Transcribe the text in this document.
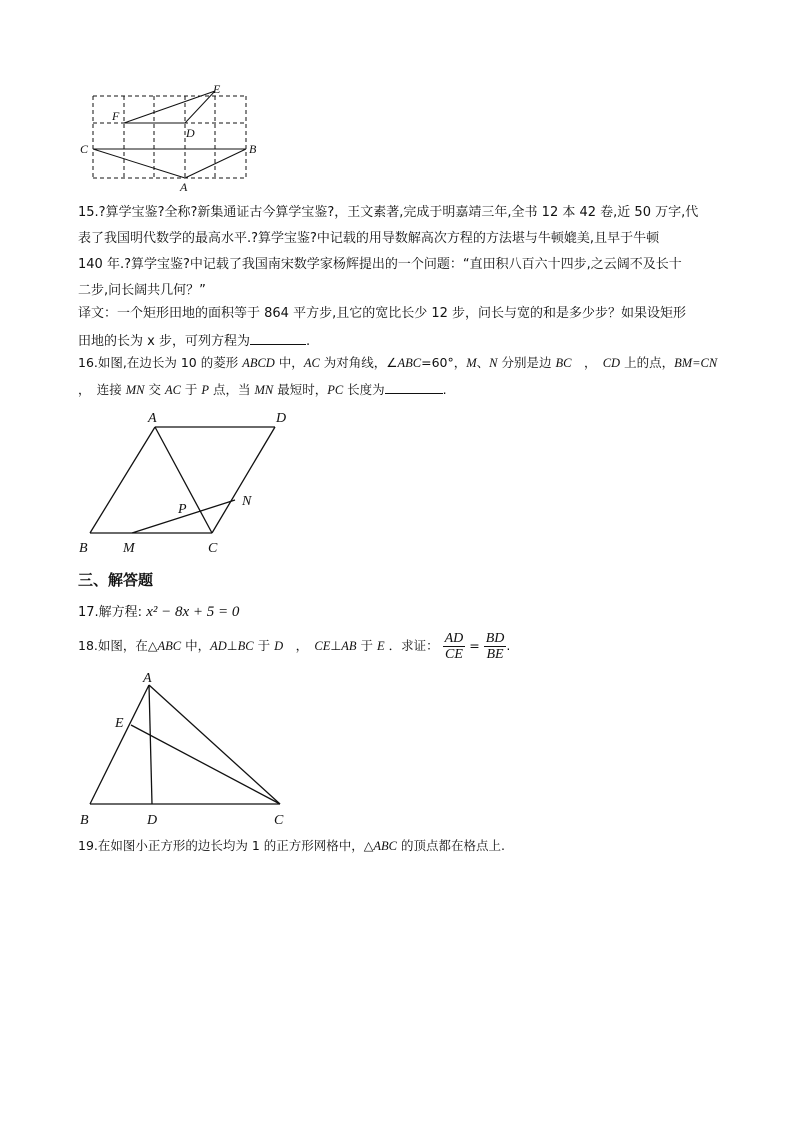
E
F
D
C	B
A
15.?算学宝鉴?全称?新集通证古今算学宝鉴?，王文素著,完成于明嘉靖三年,全书 12 本 42 卷,近 50 万字,代
表了我国明代数学的最高水平.?算学宝鉴?中记载的用导数解高次方程的方法堪与牛顿媲美,且早于牛顿
140 年.?算学宝鉴?中记载了我国南宋数学家杨辉提出的一个问题：“直田积八百六十四步,之云阔不及长十
二步,问长阔共几何？”
译文：一个矩形田地的面积等于 864 平方步,且它的宽比长少 12 步，问长与宽的和是多少步？如果设矩形
田地的长为 x 步，可列方程为	.
16.如图,在边长为 10 的菱形 ABCD 中，AC 为对角线，∠ABC=60°，M、N 分别是边 BC　，　CD 上的点，BM=CN
，　连接 MN 交 AC 于 P 点，当 MN 最短时，PC 长度为	.
A	D
P
N
B	M	C
三、解答题
17.解方程: x² − 8x + 5 = 0
18.如图，在△ABC 中，AD⊥BC 于 D　，　CE⊥AB 于 E ．求证： $\frac{AD}{CE} = \frac{BD}{BE}$ .
A
E
B	D	C
19.在如图小正方形的边长均为 1 的正方形网格中，△ABC 的顶点都在格点上.
